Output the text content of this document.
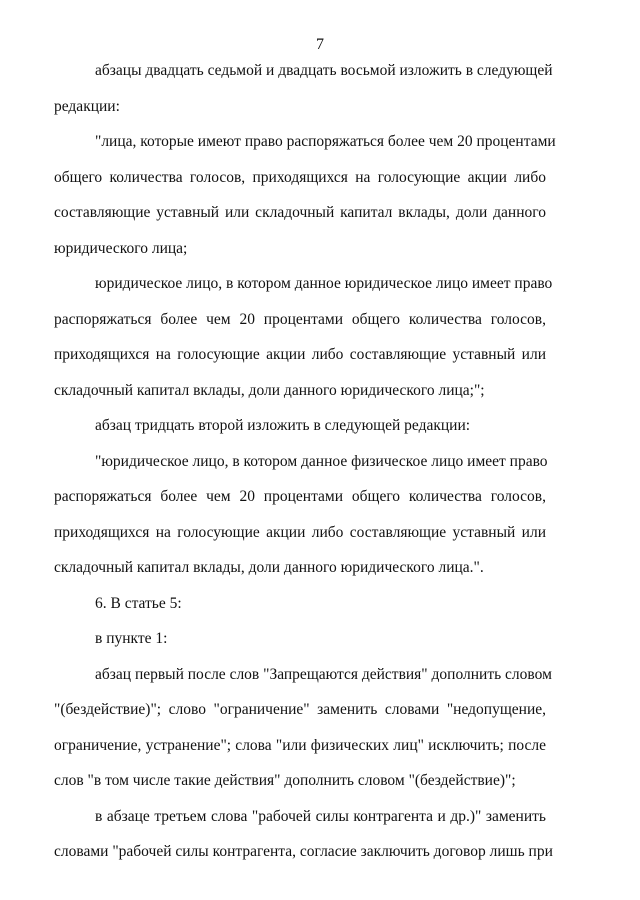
7
абзацы двадцать седьмой и двадцать восьмой изложить в следующей
редакции:
"лица, которые имеют право распоряжаться более чем 20 процентами
общего количества голосов, приходящихся на голосующие акции либо
составляющие уставный или складочный капитал вклады, доли данного
юридического лица;
юридическое лицо, в котором данное юридическое лицо имеет право
распоряжаться более чем 20 процентами общего количества голосов,
приходящихся на голосующие акции либо составляющие уставный или
складочный капитал вклады, доли данного юридического лица;";
абзац тридцать второй изложить в следующей редакции:
"юридическое лицо, в котором данное физическое лицо имеет право
распоряжаться более чем 20 процентами общего количества голосов,
приходящихся на голосующие акции либо составляющие уставный или
складочный капитал вклады, доли данного юридического лица.".
6. В статье 5:
в пункте 1:
абзац первый после слов "Запрещаются действия" дополнить словом
"(бездействие)"; слово "ограничение" заменить словами "недопущение,
ограничение, устранение"; слова "или физических лиц" исключить; после
слов "в том числе такие действия" дополнить словом "(бездействие)";
в абзаце третьем слова "рабочей силы контрагента и др.)" заменить
словами "рабочей силы контрагента, согласие заключить договор лишь при
